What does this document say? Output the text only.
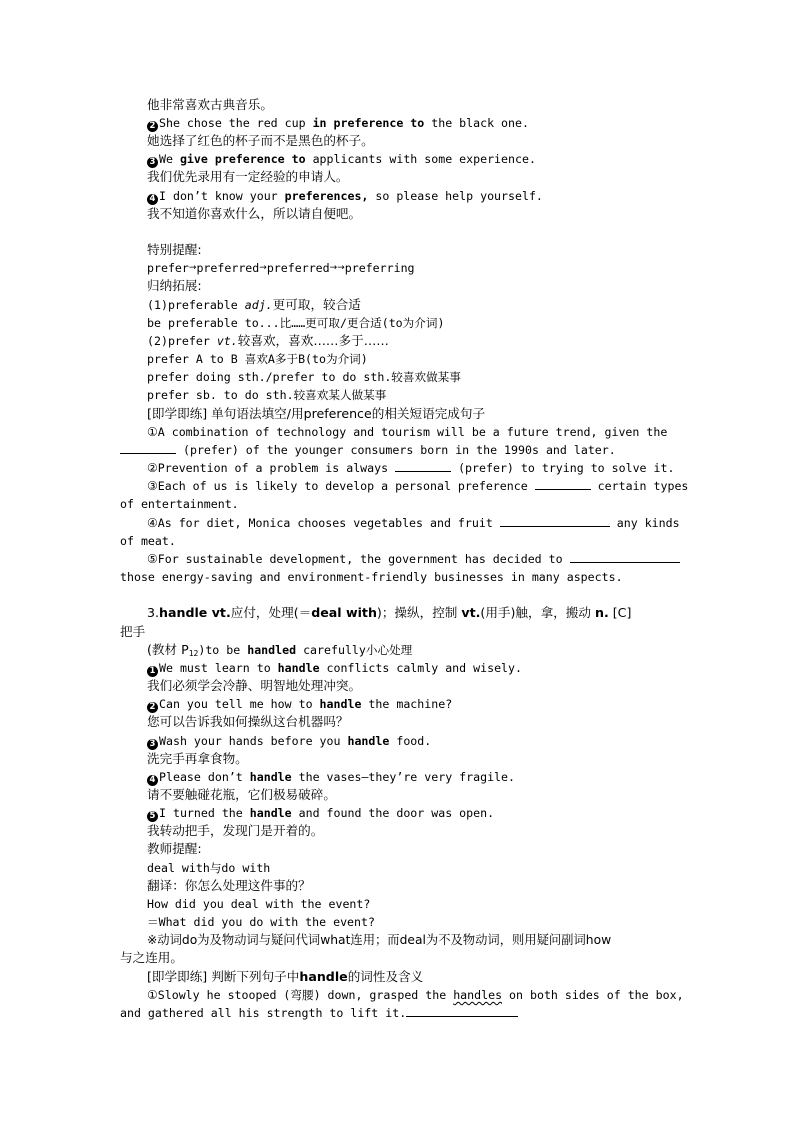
他非常喜欢古典音乐。
2 She chose the red cup in preference to the black one.
她选择了红色的杯子而不是黑色的杯子。
3 We give preference to applicants with some experience.
我们优先录用有一定经验的申请人。
4 I don’t know your preferences, so please help yourself.
我不知道你喜欢什么，所以请自便吧。
特别提醒:
prefer→preferred→preferred→→preferring
归纳拓展:
(1)preferable adj.更可取，较合适
be preferable to...比……更可取/更合适(to为介词)
(2)prefer vt.较喜欢，喜欢……多于……
prefer A to B 喜欢A多于B(to为介词)
prefer doing sth./prefer to do sth.较喜欢做某事
prefer sb. to do sth.较喜欢某人做某事
[即学即练] 单句语法填空/用preference的相关短语完成句子
①A combination of technology and tourism will be a future trend, given the
(prefer) of the younger consumers born in the 1990s and later.
②Prevention of a problem is always	(prefer) to trying to solve it.
③Each of us is likely to develop a personal preference	certain types
of entertainment.
④As for diet, Monica chooses vegetables and fruit	any kinds
of meat.
⑤For sustainable development, the government has decided to
those energy-saving and environment-friendly businesses in many aspects.
3.handle vt.应付，处理(＝deal with)；操纵，控制 vt.(用手)触，拿，搬动 n. [C]
把手
(教材 $P_{12})to$ be handled carefully小心处理
1 We must learn to handle conflicts calmly and wisely.
我们必须学会冷静、明智地处理冲突。
2 Can you tell me how to handle the machine?
您可以告诉我如何操纵这台机器吗？
3 Wash your hands before you handle food.
洗完手再拿食物。
4 Please don’t handle the vases—they’re very fragile.
请不要触碰花瓶，它们极易破碎。
5 I turned the handle and found the door was open.
我转动把手，发现门是开着的。
教师提醒:
deal with与do with
翻译：你怎么处理这件事的？
How did you deal with the event?
＝What did you do with the event?
※动词do为及物动词与疑问代词what连用；而deal为不及物动词，则用疑问副词how
与之连用。
[即学即练] 判断下列句子中handle的词性及含义
①Slowly he stooped (弯腰) down, grasped the handles on both sides of the box,
and gathered all his strength to lift it.
